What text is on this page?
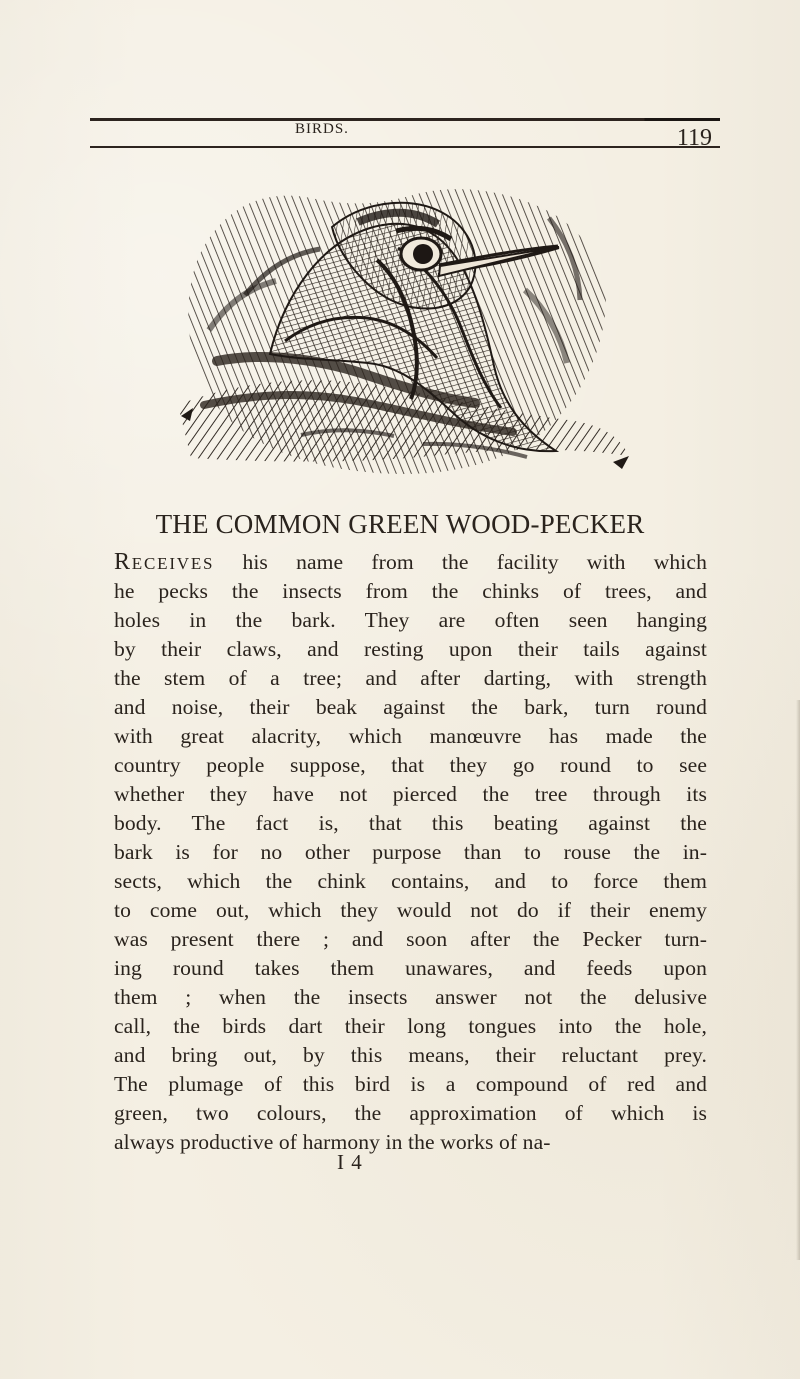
BIRDS.	119
THE COMMON GREEN WOOD-PECKER

Receives his name from the facility with which

he pecks the insects from the chinks of trees, and

holes in the bark. They are often seen hanging

by their claws, and resting upon their tails against

the stem of a tree; and after darting, with strength

and noise, their beak against the bark, turn round

with great alacrity, which manœuvre has made the

country people suppose, that they go round to see

whether they have not pierced the tree through its

body. The fact is, that this beating against the

bark is for no other purpose than to rouse the in-

sects, which the chink contains, and to force them

to come out, which they would not do if their enemy

was present there ; and soon after the Pecker turn-

ing round takes them unawares, and feeds upon

them ; when the insects answer not the delusive

call, the birds dart their long tongues into the hole,

and bring out, by this means, their reluctant prey.

The plumage of this bird is a compound of red and

green, two colours, the approximation of which is

always productive of harmony in the works of na-

I 4
